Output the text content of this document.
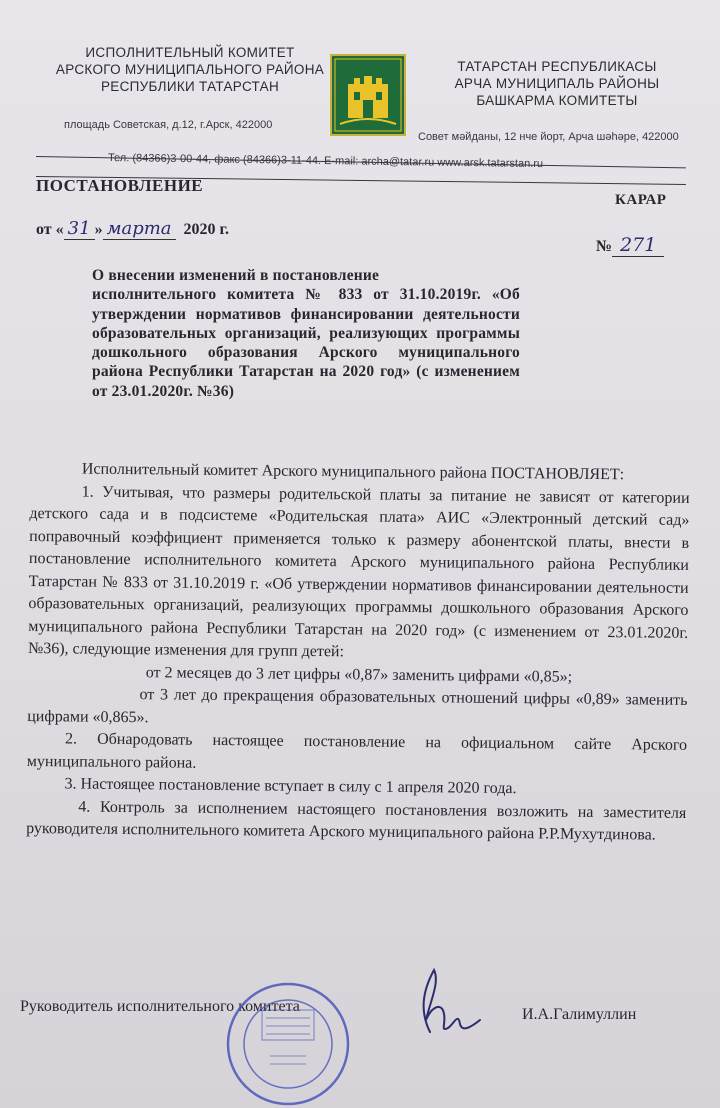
ИСПОЛНИТЕЛЬНЫЙ КОМИТЕТ
АРСКОГО МУНИЦИПАЛЬНОГО РАЙОНА
РЕСПУБЛИКИ ТАТАРСТАН
площадь Советская, д.12, г.Арск, 422000
ТАТАРСТАН РЕСПУБЛИКАСЫ
АРЧА МУНИЦИПАЛЬ РАЙОНЫ
БАШКАРМА КОМИТЕТЫ
Совет мәйданы, 12 нче йорт, Арча шәһәре, 422000
Тел. (84366)3-00-44, факс (84366)3-11-44. E-mail: archa@tatar.ru www.arsk.tatarstan.ru
ПОСТАНОВЛЕНИЕ
КАРАР
от « 31 » марта 2020 г.
№ 271
О внесении изменений в постановление
исполнительного комитета № 833 от 31.10.2019г. «Об утверждении нормативов финансировании деятельности образовательных организаций, реализующих программы дошкольного образования Арского муниципального района Республики Татарстан на 2020 год» (с изменением от 23.01.2020г. №36)

Исполнительный комитет Арского муниципального района ПОСТАНОВЛЯЕТ:

1. Учитывая, что размеры родительской платы за питание не зависят от категории детского сада и в подсистеме «Родительская плата» АИС «Электронный детский сад» поправочный коэффициент применяется только к размеру абонентской платы, внести в постановление исполнительного комитета Арского муниципального района Республики Татарстан № 833 от 31.10.2019 г. «Об утверждении нормативов финансировании деятельности образовательных организаций, реализующих программы дошкольного образования Арского муниципального района Республики Татарстан на 2020 год» (с изменением от 23.01.2020г. №36), следующие изменения для групп детей:

от 2 месяцев до 3 лет цифры «0,87» заменить цифрами «0,85»;

от 3 лет до прекращения образовательных отношений цифры «0,89» заменить цифрами «0,865».

2. Обнародовать настоящее постановление на официальном сайте Арского муниципального района.

3. Настоящее постановление вступает в силу с 1 апреля 2020 года.

4. Контроль за исполнением настоящего постановления возложить на заместителя руководителя исполнительного комитета Арского муниципального района Р.Р.Мухутдинова.

Руководитель исполнительного комитета	И.А.Галимуллин
